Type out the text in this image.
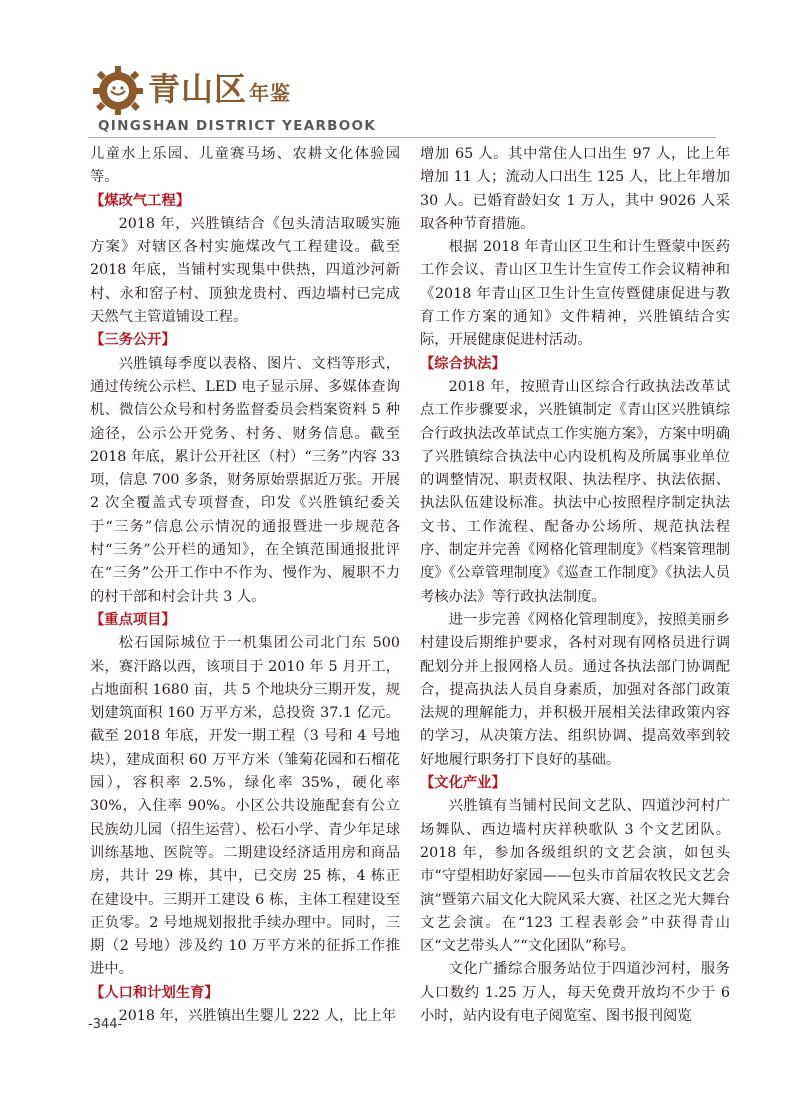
青山区 年鉴
QINGSHAN DISTRICT YEARBOOK

儿童水上乐园、儿童赛马场、农耕文化体验园等。

【煤改气工程】

2018 年，兴胜镇结合《包头清洁取暖实施方案》对辖区各村实施煤改气工程建设。截至 2018 年底，当铺村实现集中供热，四道沙河新村、永和窑子村、顶独龙贵村、西边墙村已完成天然气主管道铺设工程。

【三务公开】

兴胜镇每季度以表格、图片、文档等形式，通过传统公示栏、LED 电子显示屏、多媒体查询机、微信公众号和村务监督委员会档案资料 5 种途径，公示公开党务、村务、财务信息。截至 2018 年底，累计公开社区（村）“三务”内容 33 项，信息 700 多条，财务原始票据近万张。开展 2 次全覆盖式专项督查，印发《兴胜镇纪委关于“三务”信息公示情况的通报暨进一步规范各村“三务”公开栏的通知》，在全镇范围通报批评在“三务”公开工作中不作为、慢作为、履职不力的村干部和村会计共 3 人。

【重点项目】

松石国际城位于一机集团公司北门东 500 米，赛汗路以西，该项目于 2010 年 5 月开工，占地面积 1680 亩，共 5 个地块分三期开发，规划建筑面积 160 万平方米，总投资 37.1 亿元。截至 2018 年底，开发一期工程（3 号和 4 号地块），建成面积 60 万平方米（雏菊花园和石榴花园），容积率 2.5%，绿化率 35%，硬化率 30%，入住率 90%。小区公共设施配套有公立民族幼儿园（招生运营）、松石小学、青少年足球训练基地、医院等。二期建设经济适用房和商品房，共计 29 栋，其中，已交房 25 栋，4 栋正在建设中。三期开工建设 6 栋，主体工程建设至正负零。2 号地规划报批手续办理中。同时，三期（2 号地）涉及约 10 万平方米的征拆工作推进中。

【人口和计划生育】

2018 年，兴胜镇出生婴儿 222 人，比上年

增加 65 人。其中常住人口出生 97 人，比上年增加 11 人；流动人口出生 125 人，比上年增加 30 人。已婚育龄妇女 1 万人，其中 9026 人采取各种节育措施。

根据 2018 年青山区卫生和计生暨蒙中医药工作会议、青山区卫生计生宣传工作会议精神和《2018 年青山区卫生计生宣传暨健康促进与教育工作方案的通知》文件精神，兴胜镇结合实际，开展健康促进村活动。

【综合执法】

2018 年，按照青山区综合行政执法改革试点工作步骤要求，兴胜镇制定《青山区兴胜镇综合行政执法改革试点工作实施方案》，方案中明确了兴胜镇综合执法中心内设机构及所属事业单位的调整情况、职责权限、执法程序、执法依据、执法队伍建设标准。执法中心按照程序制定执法文书、工作流程、配备办公场所、规范执法程序、制定并完善《网格化管理制度》《档案管理制度》《公章管理制度》《巡查工作制度》《执法人员考核办法》等行政执法制度。

进一步完善《网格化管理制度》，按照美丽乡村建设后期维护要求，各村对现有网格员进行调配划分并上报网格人员。通过各执法部门协调配合，提高执法人员自身素质，加强对各部门政策法规的理解能力，并积极开展相关法律政策内容的学习，从决策方法、组织协调、提高效率到较好地履行职务打下良好的基础。

【文化产业】

兴胜镇有当铺村民间文艺队、四道沙河村广场舞队、西边墙村庆祥秧歌队 3 个文艺团队。2018 年，参加各级组织的文艺会演，如包头市“守望相助好家园——包头市首届农牧民文艺会演”暨第六届文化大院风采大赛、社区之光大舞台文艺会演。在“123 工程表彰会”中获得青山区“文艺带头人”“文化团队”称号。

文化广播综合服务站位于四道沙河村，服务人口数约 1.25 万人，每天免费开放均不少于 6 小时，站内设有电子阅览室、图书报刊阅览

-344-
